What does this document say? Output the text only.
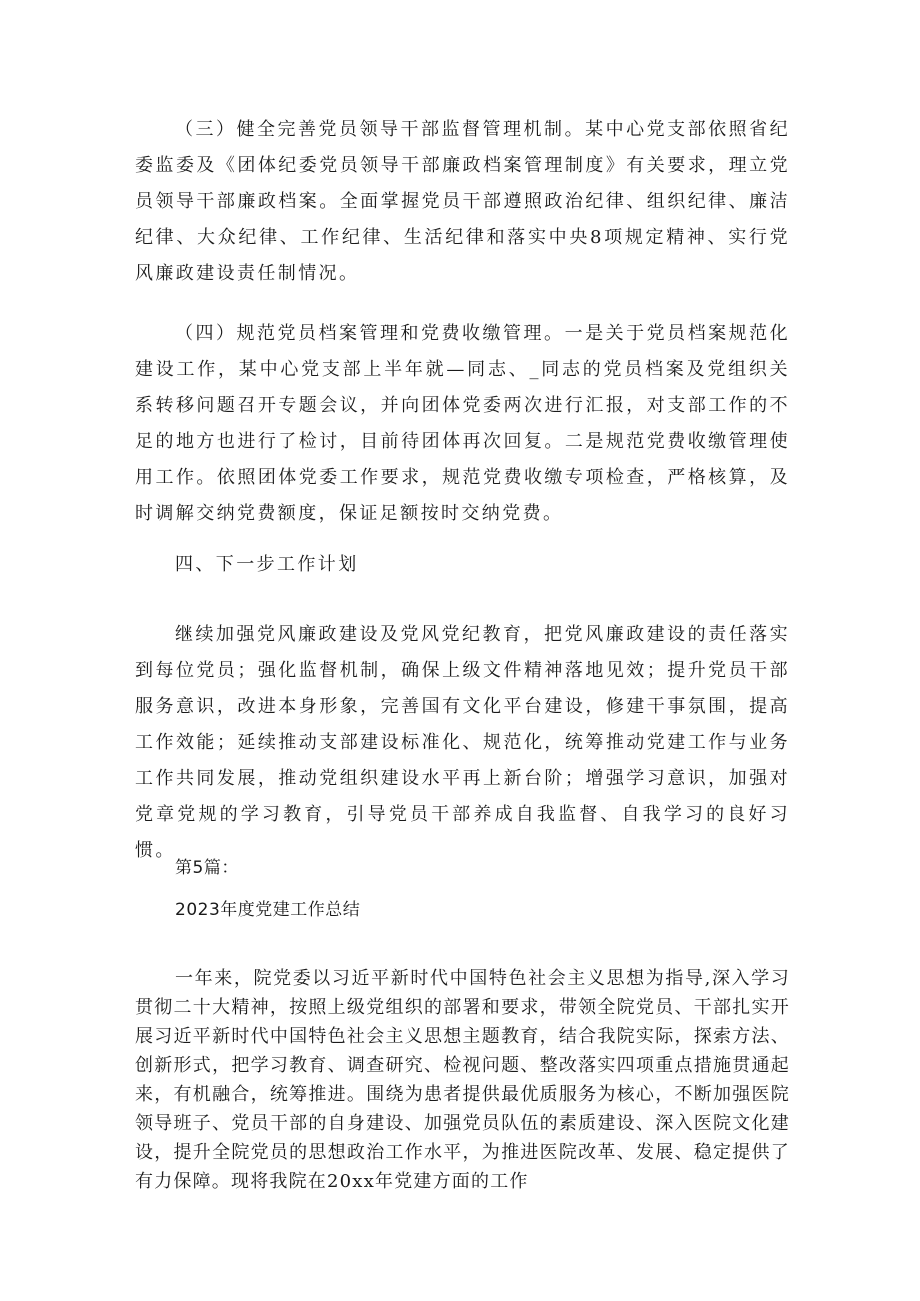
（三）健全完善党员领导干部监督管理机制。某中心党支部依照省纪委监委及《团体纪委党员领导干部廉政档案管理制度》有关要求，理立党员领导干部廉政档案。全面掌握党员干部遵照政治纪律、组织纪律、廉洁纪律、大众纪律、工作纪律、生活纪律和落实中央8项规定精神、实行党风廉政建设责任制情况。

（四）规范党员档案管理和党费收缴管理。一是关于党员档案规范化建设工作，某中心党支部上半年就—同志、_同志的党员档案及党组织关系转移问题召开专题会议，并向团体党委两次进行汇报，对支部工作的不足的地方也进行了检讨，目前待团体再次回复。二是规范党费收缴管理使用工作。依照团体党委工作要求，规范党费收缴专项检查，严格核算，及时调解交纳党费额度，保证足额按时交纳党费。

四、下一步工作计划

继续加强党风廉政建设及党风党纪教育，把党风廉政建设的责任落实到每位党员；强化监督机制，确保上级文件精神落地见效；提升党员干部服务意识，改进本身形象，完善国有文化平台建设，修建干事氛围，提高工作效能；延续推动支部建设标准化、规范化，统筹推动党建工作与业务工作共同发展，推动党组织建设水平再上新台阶；增强学习意识，加强对党章党规的学习教育，引导党员干部养成自我监督、自我学习的良好习惯。

第5篇：

2023年度党建工作总结

一年来，院党委以习近平新时代中国特色社会主义思想为指导,深入学习贯彻二十大精神，按照上级党组织的部署和要求，带领全院党员、干部扎实开展习近平新时代中国特色社会主义思想主题教育，结合我院实际，探索方法、创新形式，把学习教育、调查研究、检视问题、整改落实四项重点措施贯通起来，有机融合，统筹推进。围绕为患者提供最优质服务为核心，不断加强医院领导班子、党员干部的自身建设、加强党员队伍的素质建设、深入医院文化建设，提升全院党员的思想政治工作水平，为推进医院改革、发展、稳定提供了有力保障。现将我院在20xx年党建方面的工作
